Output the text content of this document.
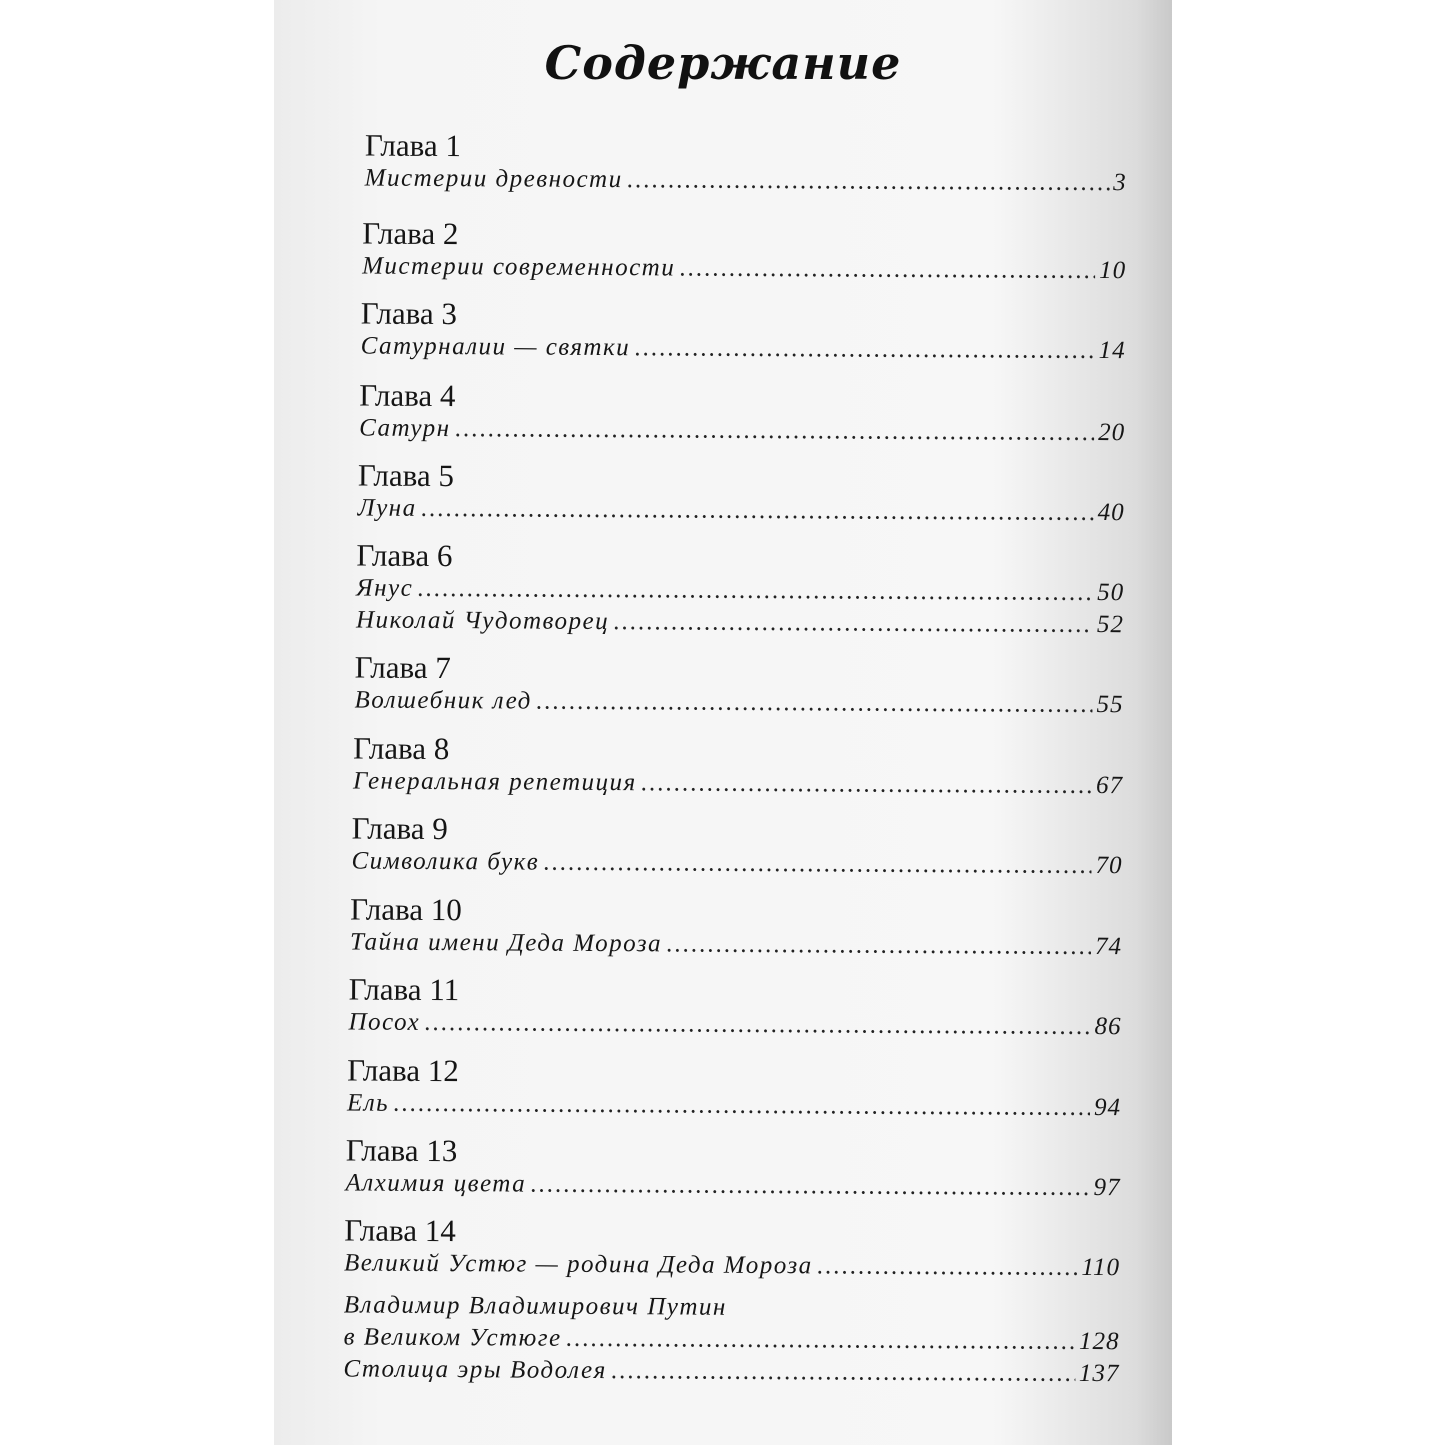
Содержание
Глава 1
Мистерии древности .....	3
Глава 2
Мистерии современности .....	10
Глава 3
Сатурналии — святки .....	14
Глава 4
Сатурн .....	20
Глава 5
Луна .....	40
Глава 6
Янус .....	50
Николай Чудотворец .....	52
Глава 7
Волшебник лед .....	55
Глава 8
Генеральная репетиция .....	67
Глава 9
Символика букв .....	70
Глава 10
Тайна имени Деда Мороза .....	74
Глава 11
Посох .....	86
Глава 12
Ель .....	94
Глава 13
Алхимия цвета .....	97
Глава 14
Великий Устюг — родина Деда Мороза .....	110
Владимир Владимирович Путин
в Великом Устюге .....	128
Столица эры Водолея .....	137
